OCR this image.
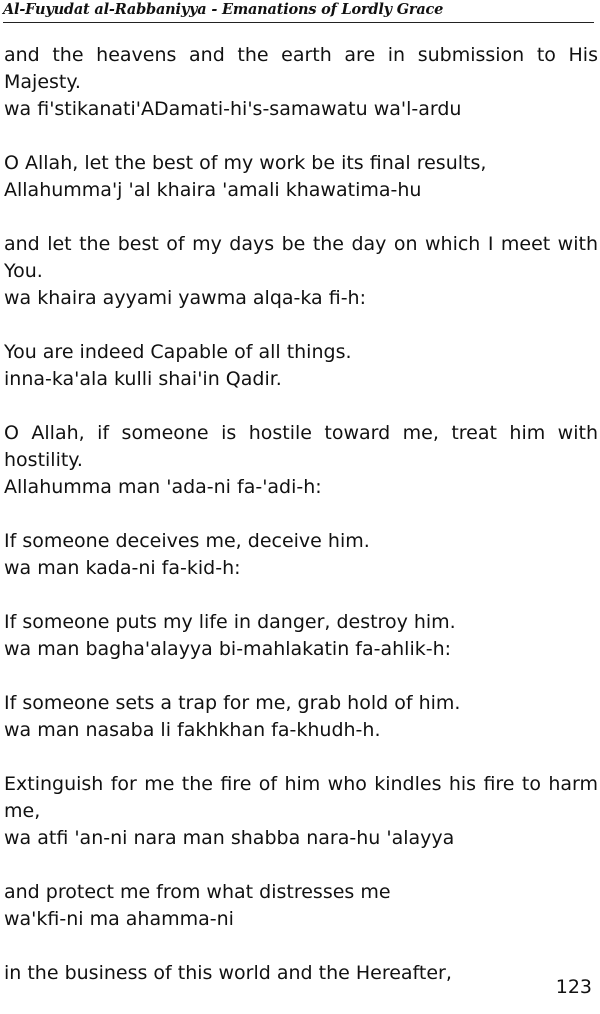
Al-Fuyudat al-Rabbaniyya - Emanations of Lordly Grace
and the heavens and the earth are in submission to His
Majesty.
wa fi'stikanati'ADamati-hi's-samawatu wa'l-ardu
O Allah, let the best of my work be its final results,
Allahumma'j 'al khaira 'amali khawatima-hu
and let the best of my days be the day on which I meet with
You.
wa khaira ayyami yawma alqa-ka fi-h:
You are indeed Capable of all things.
inna-ka'ala kulli shai'in Qadir.
O Allah, if someone is hostile toward me, treat him with
hostility.
Allahumma man 'ada-ni fa-'adi-h:
If someone deceives me, deceive him.
wa man kada-ni fa-kid-h:
If someone puts my life in danger, destroy him.
wa man bagha'alayya bi-mahlakatin fa-ahlik-h:
If someone sets a trap for me, grab hold of him.
wa man nasaba li fakhkhan fa-khudh-h.
Extinguish for me the fire of him who kindles his fire to harm
me,
wa atfi 'an-ni nara man shabba nara-hu 'alayya
and protect me from what distresses me
wa'kfi-ni ma ahamma-ni
in the business of this world and the Hereafter,
123
